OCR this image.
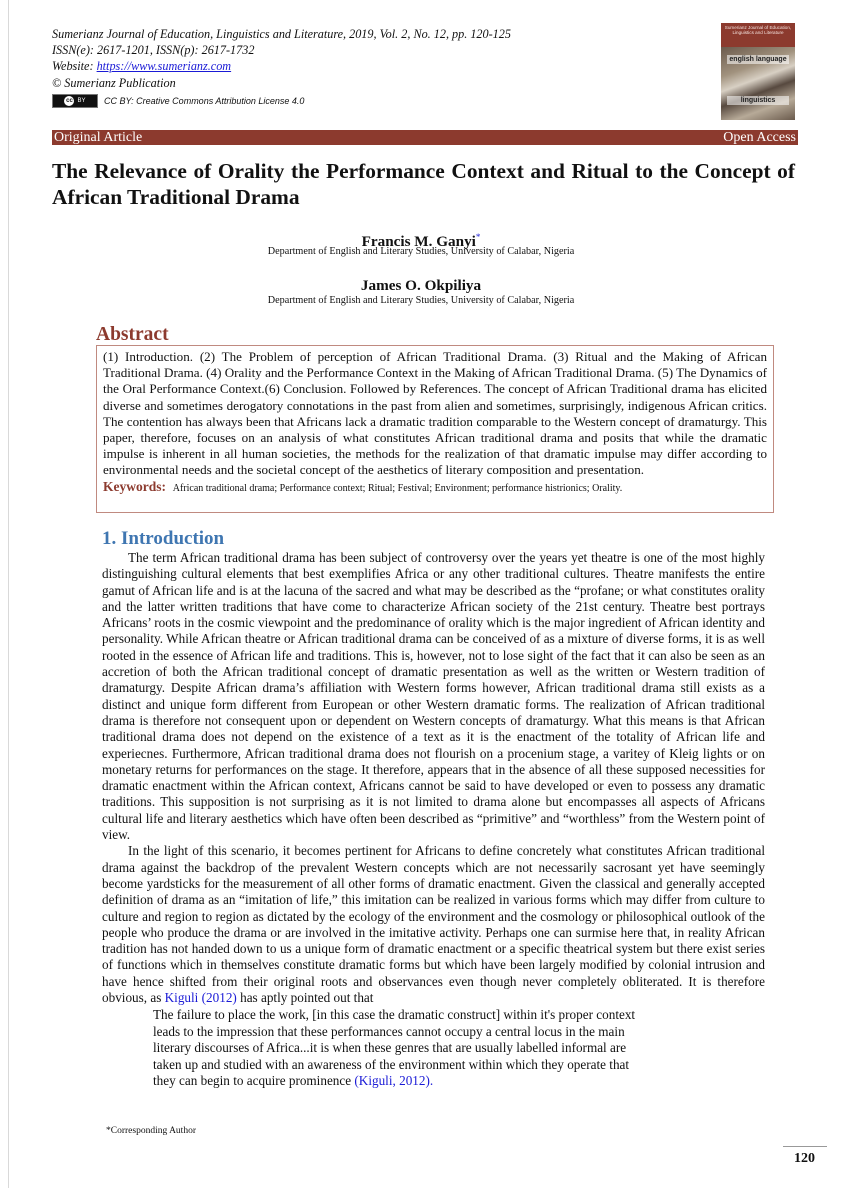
Sumerianz Journal of Education, Linguistics and Literature, 2019, Vol. 2, No. 12, pp. 120-125
ISSN(e): 2617-1201, ISSN(p): 2617-1732
Website: https://www.sumerianz.com
© Sumerianz Publication
cc BY CC BY: Creative Commons Attribution License 4.0
Sumerianz Journal of Education, Linguistics and Literature
english language
linguistics
Original Article	Open Access
The Relevance of Orality the Performance Context and Ritual to the Concept of African Traditional Drama
Francis M. Ganyi*
Department of English and Literary Studies, University of Calabar, Nigeria
James O. Okpiliya
Department of English and Literary Studies, University of Calabar, Nigeria
Abstract

(1) Introduction. (2) The Problem of perception of African Traditional Drama. (3) Ritual and the Making of African Traditional Drama. (4) Orality and the Performance Context in the Making of African Traditional Drama. (5) The Dynamics of the Oral Performance Context.(6) Conclusion. Followed by References. The concept of African Traditional drama has elicited diverse and sometimes derogatory connotations in the past from alien and sometimes, surprisingly, indigenous African critics. The contention has always been that Africans lack a dramatic tradition comparable to the Western concept of dramaturgy. This paper, therefore, focuses on an analysis of what constitutes African traditional drama and posits that while the dramatic impulse is inherent in all human societies, the methods for the realization of that dramatic impulse may differ according to environmental needs and the societal concept of the aesthetics of literary composition and presentation.

Keywords: African traditional drama; Performance context; Ritual; Festival; Environment; performance histrionics; Orality.

1. Introduction

The term African traditional drama has been subject of controversy over the years yet theatre is one of the most highly distinguishing cultural elements that best exemplifies Africa or any other traditional cultures. Theatre manifests the entire gamut of African life and is at the lacuna of the sacred and what may be described as the “profane; or what constitutes orality and the latter written traditions that have come to characterize African society of the 21st century. Theatre best portrays Africans’ roots in the cosmic viewpoint and the predominance of orality which is the major ingredient of African identity and personality. While African theatre or African traditional drama can be conceived of as a mixture of diverse forms, it is as well rooted in the essence of African life and traditions. This is, however, not to lose sight of the fact that it can also be seen as an accretion of both the African traditional concept of dramatic presentation as well as the written or Western tradition of dramaturgy. Despite African drama’s affiliation with Western forms however, African traditional drama still exists as a distinct and unique form different from European or other Western dramatic forms. The realization of African traditional drama is therefore not consequent upon or dependent on Western concepts of dramaturgy. What this means is that African traditional drama does not depend on the existence of a text as it is the enactment of the totality of African life and experiecnes. Furthermore, African traditional drama does not flourish on a procenium stage, a varitey of Kleig lights or on monetary returns for performances on the stage. It therefore, appears that in the absence of all these supposed necessities for dramatic enactment within the African context, Africans cannot be said to have developed or even to possess any dramatic traditions. This supposition is not surprising as it is not limited to drama alone but encompasses all aspects of Africans cultural life and literary aesthetics which have often been described as “primitive” and “worthless” from the Western point of view.

In the light of this scenario, it becomes pertinent for Africans to define concretely what constitutes African traditional drama against the backdrop of the prevalent Western concepts which are not necessarily sacrosant yet have seemingly become yardsticks for the measurement of all other forms of dramatic enactment. Given the classical and generally accepted definition of drama as an “imitation of life,” this imitation can be realized in various forms which may differ from culture to culture and region to region as dictated by the ecology of the environment and the cosmology or philosophical outlook of the people who produce the drama or are involved in the imitative activity. Perhaps one can surmise here that, in reality African tradition has not handed down to us a unique form of dramatic enactment or a specific theatrical system but there exist series of functions which in themselves constitute dramatic forms but which have been largely modified by colonial intrusion and have hence shifted from their original roots and observances even though never completely obliterated. It is therefore obvious, as Kiguli (2012) has aptly pointed out that

The failure to place the work, [in this case the dramatic construct] within it's proper context leads to the impression that these performances cannot occupy a central locus in the main literary discourses of Africa...it is when these genres that are usually labelled informal are taken up and studied with an awareness of the environment within which they operate that they can begin to acquire prominence (Kiguli, 2012).

*Corresponding Author
120
